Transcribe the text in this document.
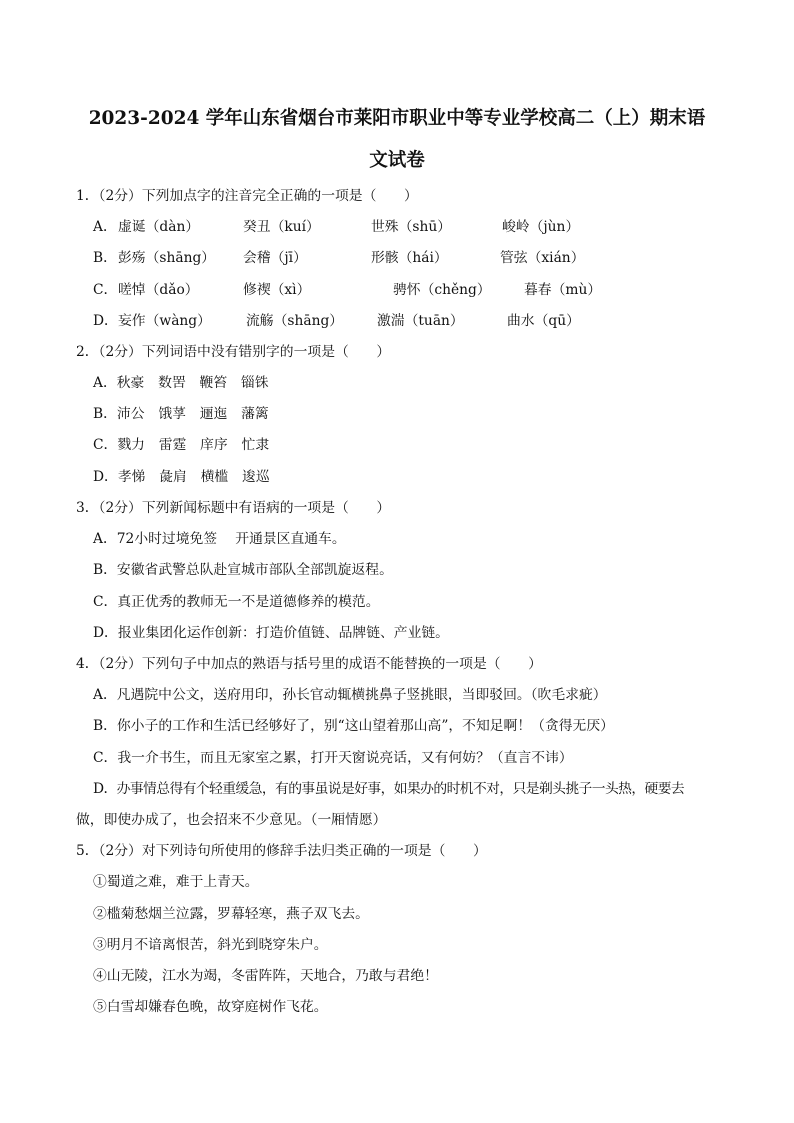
2023-2024 学年山东省烟台市莱阳市职业中等专业学校高二（上）期末语
文试卷
1．（2分）下列加点字的注音完全正确的一项是（　　）
A． 虚诞（dàn）	癸丑（kuí）	世殊（shū）	峻岭（jùn）
B． 彭殇（shāng） 会稽（jī）	形骸（hái）	管弦（xián）
C． 嗟悼（dǎo）	修禊（xì）	骋怀（chěng） 暮春（mù）
D． 妄作（wàng）	流觞（shāng） 激湍（tuān）	曲水（qū）
2．（2分）下列词语中没有错别字的一项是（　　）
A．秋豪　数罟　鞭笞　锱铢
B．沛公　饿莩　逦迤　藩篱
C．戮力　雷霆　庠序　忙隶
D．孝悌　彘肩　横槛　逡巡
3．（2分）下列新闻标题中有语病的一项是（　　）
A．72小时过境免签　 开通景区直通车。
B．安徽省武警总队赴宣城市部队全部凯旋返程。
C．真正优秀的教师无一不是道德修养的模范。
D．报业集团化运作创新：打造价值链、品牌链、产业链。
4．（2分）下列句子中加点的熟语与括号里的成语不能替换的一项是（　　）
A．凡遇院中公文，送府用印，孙长官动辄横挑鼻子竖挑眼，当即驳回。（吹毛求疵）
B．你小子的工作和生活已经够好了，别“这山望着那山高”，不知足啊！（贪得无厌）
C．我一介书生，而且无家室之累，打开天窗说亮话，又有何妨？（直言不讳）
D．办事情总得有个轻重缓急，有的事虽说是好事，如果办的时机不对，只是剃头挑子一头热，硬要去
做，即使办成了，也会招来不少意见。（一厢情愿）
5．（2分）对下列诗句所使用的修辞手法归类正确的一项是（　　）
①蜀道之难，难于上青天。
②槛菊愁烟兰泣露，罗幕轻寒，燕子双飞去。
③明月不谙离恨苦，斜光到晓穿朱户。
④山无陵，江水为竭，冬雷阵阵，天地合，乃敢与君绝！
⑤白雪却嫌春色晚，故穿庭树作飞花。
